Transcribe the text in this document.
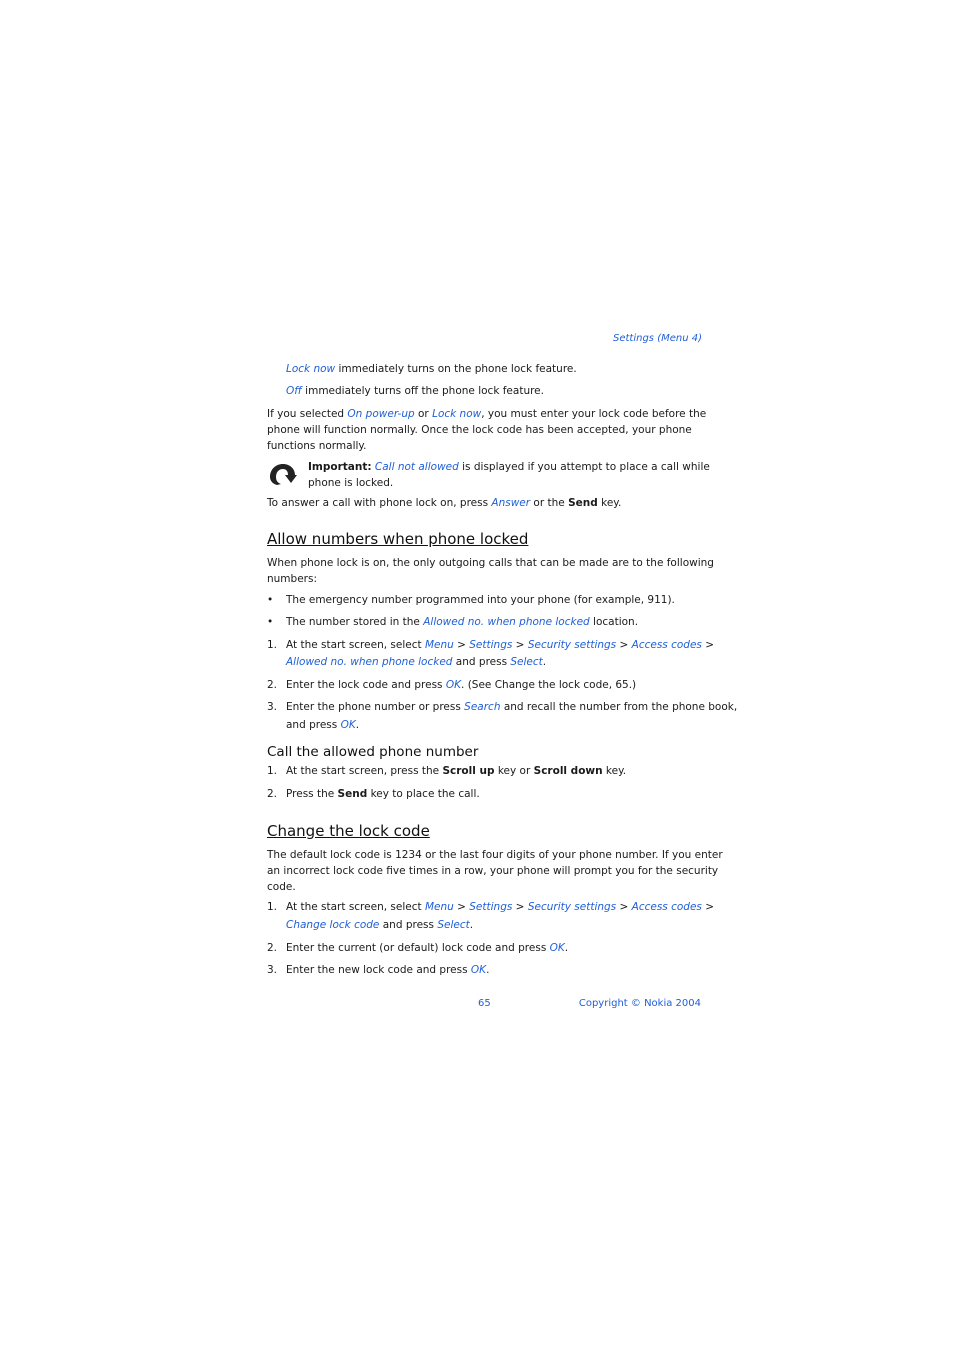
Settings (Menu 4)
Lock now immediately turns on the phone lock feature.
Off immediately turns off the phone lock feature.
If you selected On power-up or Lock now, you must enter your lock code before the
phone will function normally. Once the lock code has been accepted, your phone
functions normally.
Important: Call not allowed is displayed if you attempt to place a call while
phone is locked.
To answer a call with phone lock on, press Answer or the Send key.
Allow numbers when phone locked
When phone lock is on, the only outgoing calls that can be made are to the following
numbers:
• The emergency number programmed into your phone (for example, 911).
• The number stored in the Allowed no. when phone locked location.
1. At the start screen, select Menu > Settings > Security settings > Access codes >
Allowed no. when phone locked and press Select.
2. Enter the lock code and press OK. (See Change the lock code, 65.)
3. Enter the phone number or press Search and recall the number from the phone book,
and press OK.
Call the allowed phone number
1. At the start screen, press the Scroll up key or Scroll down key.
2. Press the Send key to place the call.
Change the lock code
The default lock code is 1234 or the last four digits of your phone number. If you enter
an incorrect lock code five times in a row, your phone will prompt you for the security
code.
1. At the start screen, select Menu > Settings > Security settings > Access codes >
Change lock code and press Select.
2. Enter the current (or default) lock code and press OK.
3. Enter the new lock code and press OK.
65	Copyright © Nokia 2004
